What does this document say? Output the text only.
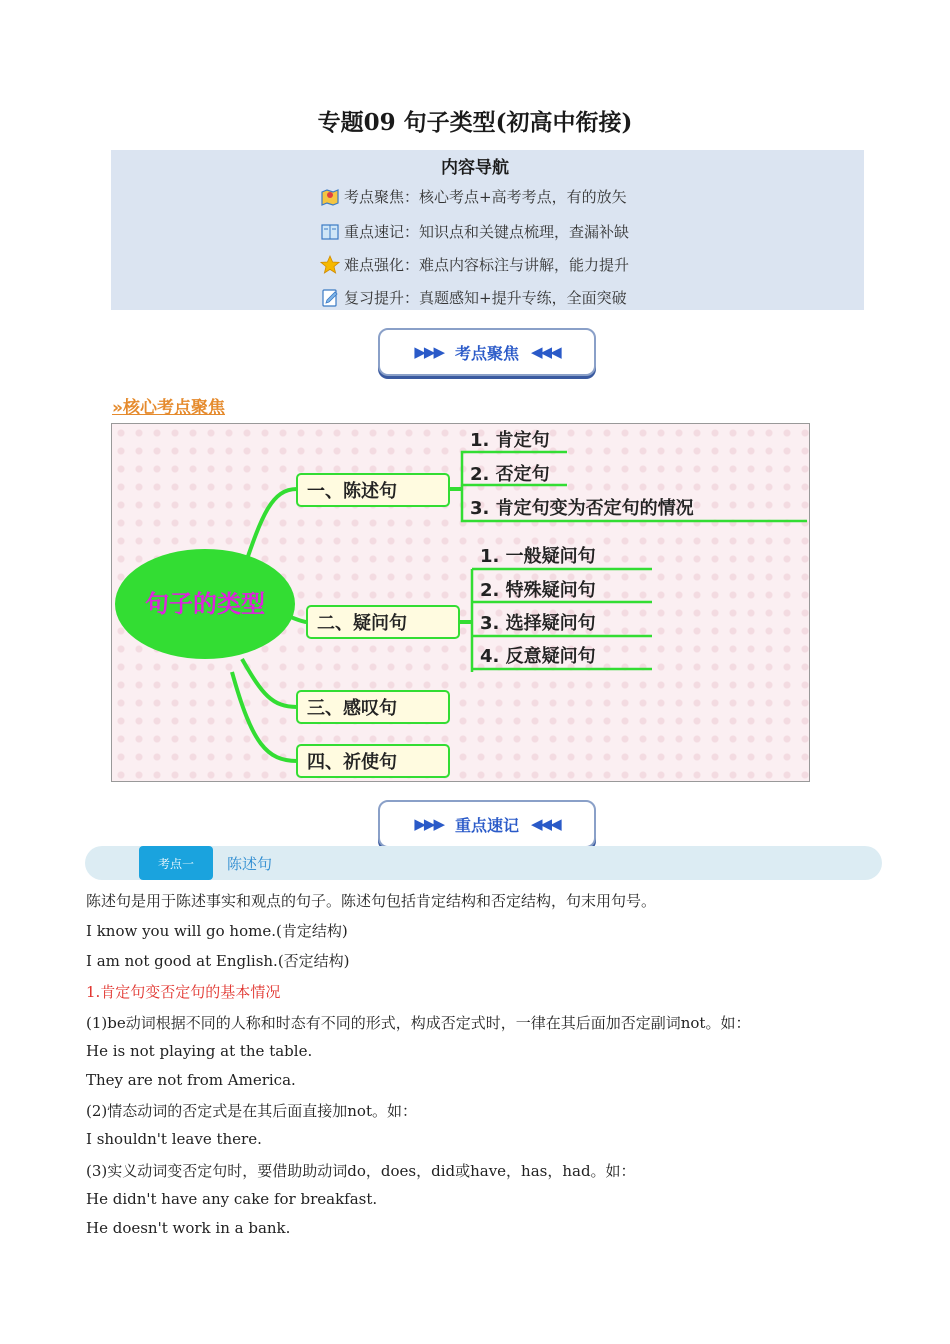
专题09 句子类型(初高中衔接)
内容导航
考点聚焦：核心考点+高考考点，有的放矢
重点速记：知识点和关键点梳理，查漏补缺
难点强化：难点内容标注与讲解，能力提升
复习提升：真题感知+提升专练，全面突破
▶▶▶ 考点聚焦 ◀◀◀
»核心考点聚焦
句子的类型
一、陈述句
二、疑问句
三、感叹句
四、祈使句
1. 肯定句
2. 否定句
3. 肯定句变为否定句的情况
1. 一般疑问句
2. 特殊疑问句
3. 选择疑问句
4. 反意疑问句
▶▶▶ 重点速记 ◀◀◀
考点一	陈述句
陈述句是用于陈述事实和观点的句子。陈述句包括肯定结构和否定结构，句末用句号。
I know you will go home.(肯定结构)
I am not good at English.(否定结构)
1.肯定句变否定句的基本情况
(1)be动词根据不同的人称和时态有不同的形式，构成否定式时，一律在其后面加否定副词not。如：
He is not playing at the table.
They are not from America.
(2)情态动词的否定式是在其后面直接加not。如：
I shouldn't leave there.
(3)实义动词变否定句时，要借助助动词do，does，did或have，has，had。如：
He didn't have any cake for breakfast.
He doesn't work in a bank.
